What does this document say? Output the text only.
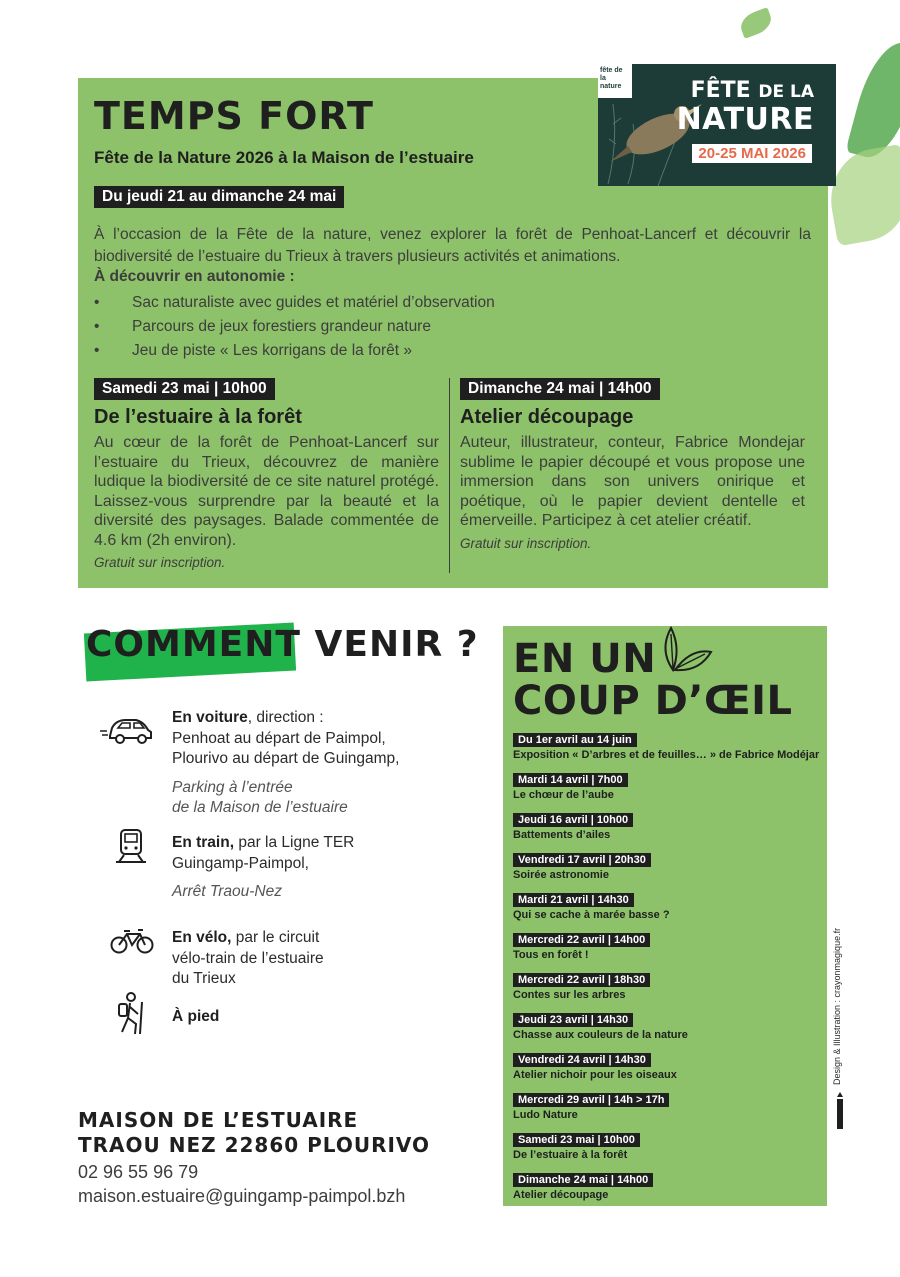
TEMPS FORT
Fête de la Nature 2026 à la Maison de l’estuaire
Du jeudi 21 au dimanche 24 mai

À l’occasion de la Fête de la nature, venez explorer la forêt de Penhoat-Lancerf et découvrir la biodiversité de l’estuaire du Trieux à travers plusieurs activités et animations.

À découvrir en autonomie :
• Sac naturaliste avec guides et matériel d’observation
• Parcours de jeux forestiers grandeur nature
• Jeu de piste « Les korrigans de la forêt »
Samedi 23 mai | 10h00
De l’estuaire à la forêt

Au cœur de la forêt de Penhoat-Lancerf sur l’estuaire du Trieux, découvrez de manière ludique la biodiversité de ce site naturel protégé. Laissez-vous surprendre par la beauté et la diversité des paysages. Balade commentée de 4.6 km (2h environ).

Gratuit sur inscription.
Dimanche 24 mai | 14h00
Atelier découpage

Auteur, illustrateur, conteur, Fabrice Mondejar sublime le papier découpé et vous propose une immersion dans son univers onirique et poétique, où le papier devient dentelle et émerveille. Participez à cet atelier créatif.

Gratuit sur inscription.
fête de la
nature	FÊTE DE LA
NATURE
20-25 MAI 2026
COMMENT VENIR ?
En voiture, direction :
Penhoat au départ de Paimpol,
Plourivo au départ de Guingamp,
Parking à l’entrée
de la Maison de l’estuaire
En train, par la Ligne TER
Guingamp-Paimpol,
Arrêt Traou-Nez
En vélo, par le circuit
vélo-train de l’estuaire
du Trieux
À pied
MAISON DE L’ESTUAIRE
TRAOU NEZ 22860 PLOURIVO
02 96 55 96 79
maison.estuaire@guingamp-paimpol.bzh
EN UN
COUP D’ŒIL
Du 1er avril au 14 juin
Exposition « D’arbres et de feuilles… » de Fabrice Modéjar
Mardi 14 avril | 7h00
Le chœur de l’aube
Jeudi 16 avril | 10h00
Battements d’ailes
Vendredi 17 avril | 20h30
Soirée astronomie
Mardi 21 avril | 14h30
Qui se cache à marée basse ?
Mercredi 22 avril | 14h00
Tous en forêt !
Mercredi 22 avril | 18h30
Contes sur les arbres
Jeudi 23 avril | 14h30
Chasse aux couleurs de la nature
Vendredi 24 avril | 14h30
Atelier nichoir pour les oiseaux
Mercredi 29 avril | 14h > 17h
Ludo Nature
Samedi 23 mai | 10h00
De l’estuaire à la forêt
Dimanche 24 mai | 14h00
Atelier découpage
Design & Illustration : crayonmagique.fr
